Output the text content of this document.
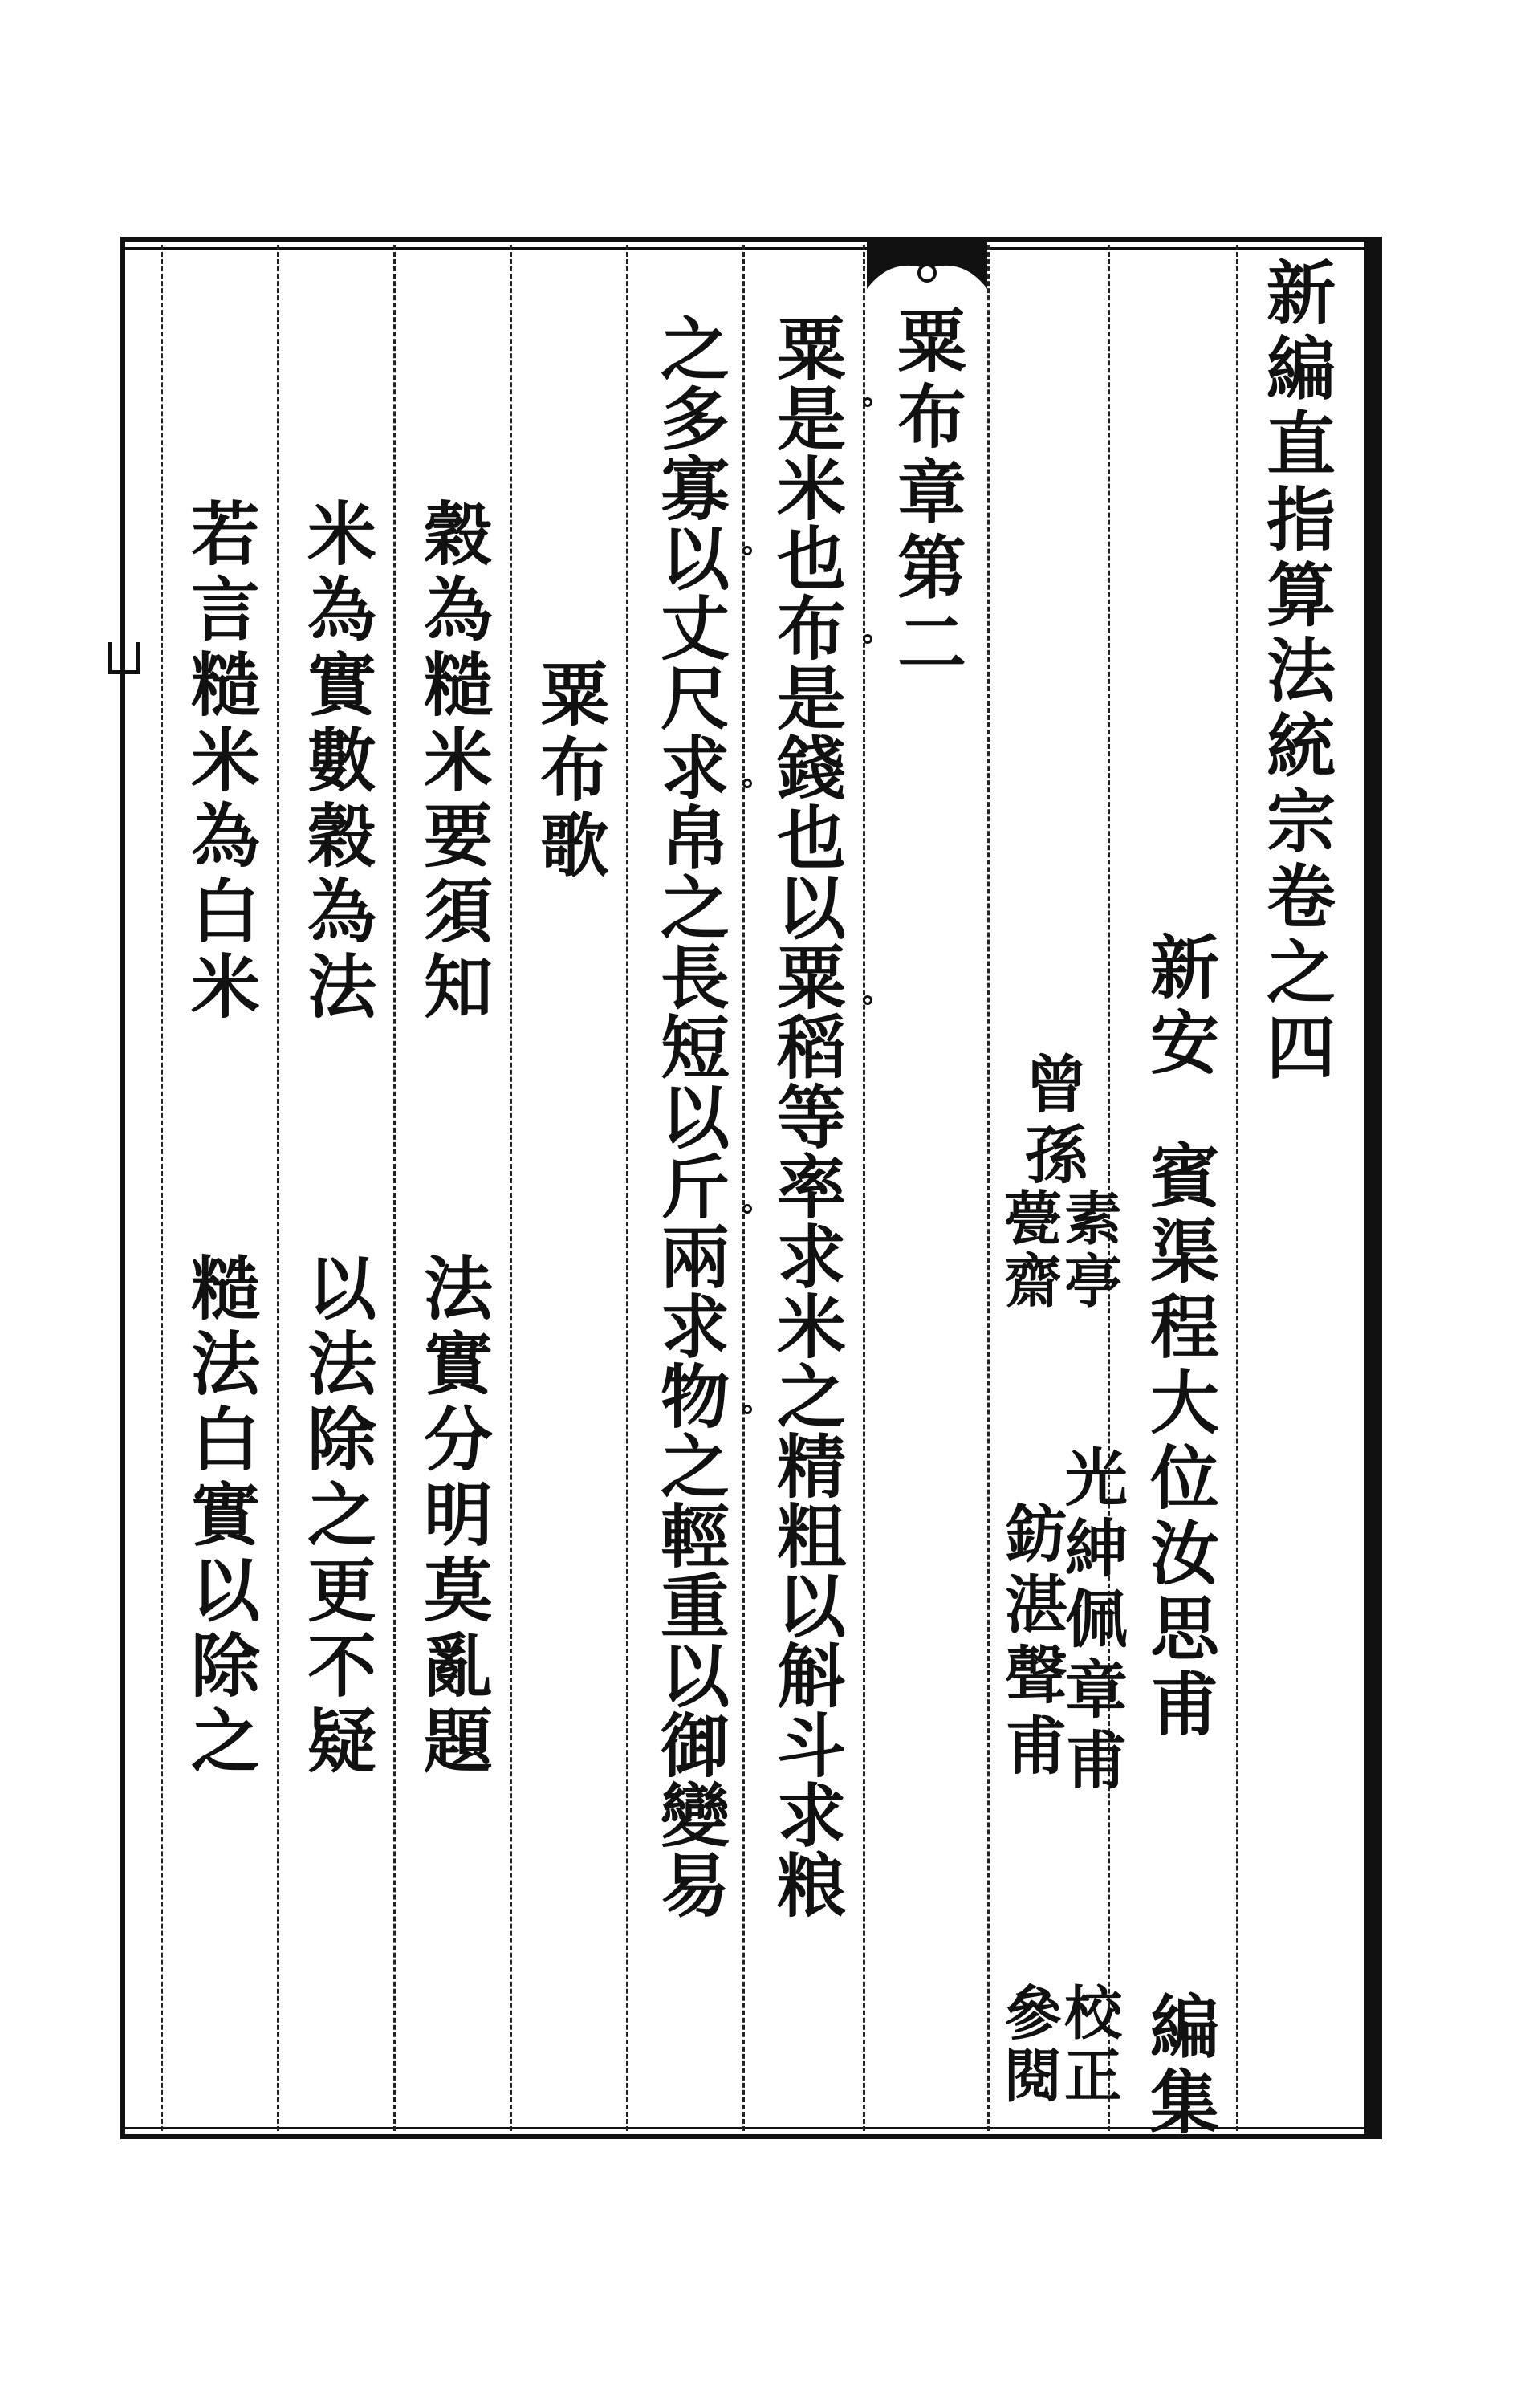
新編直指算法統宗卷之四
新安
賓渠程大位汝思甫
編集
曾孫
素亭
甍齋
光紳佩章甫
鈁湛聲甫
校正
參閱
粟布章第二
粟是米也布是錢也以粟稻等率求米之精粗以斛斗求粮
之多寡以丈尺求帛之長短以斤兩求物之輕重以御變易
粟布歌
穀為糙米要須知
法實分明莫亂題
米為實數穀為法
以法除之更不疑
若言糙米為白米
糙法白實以除之
